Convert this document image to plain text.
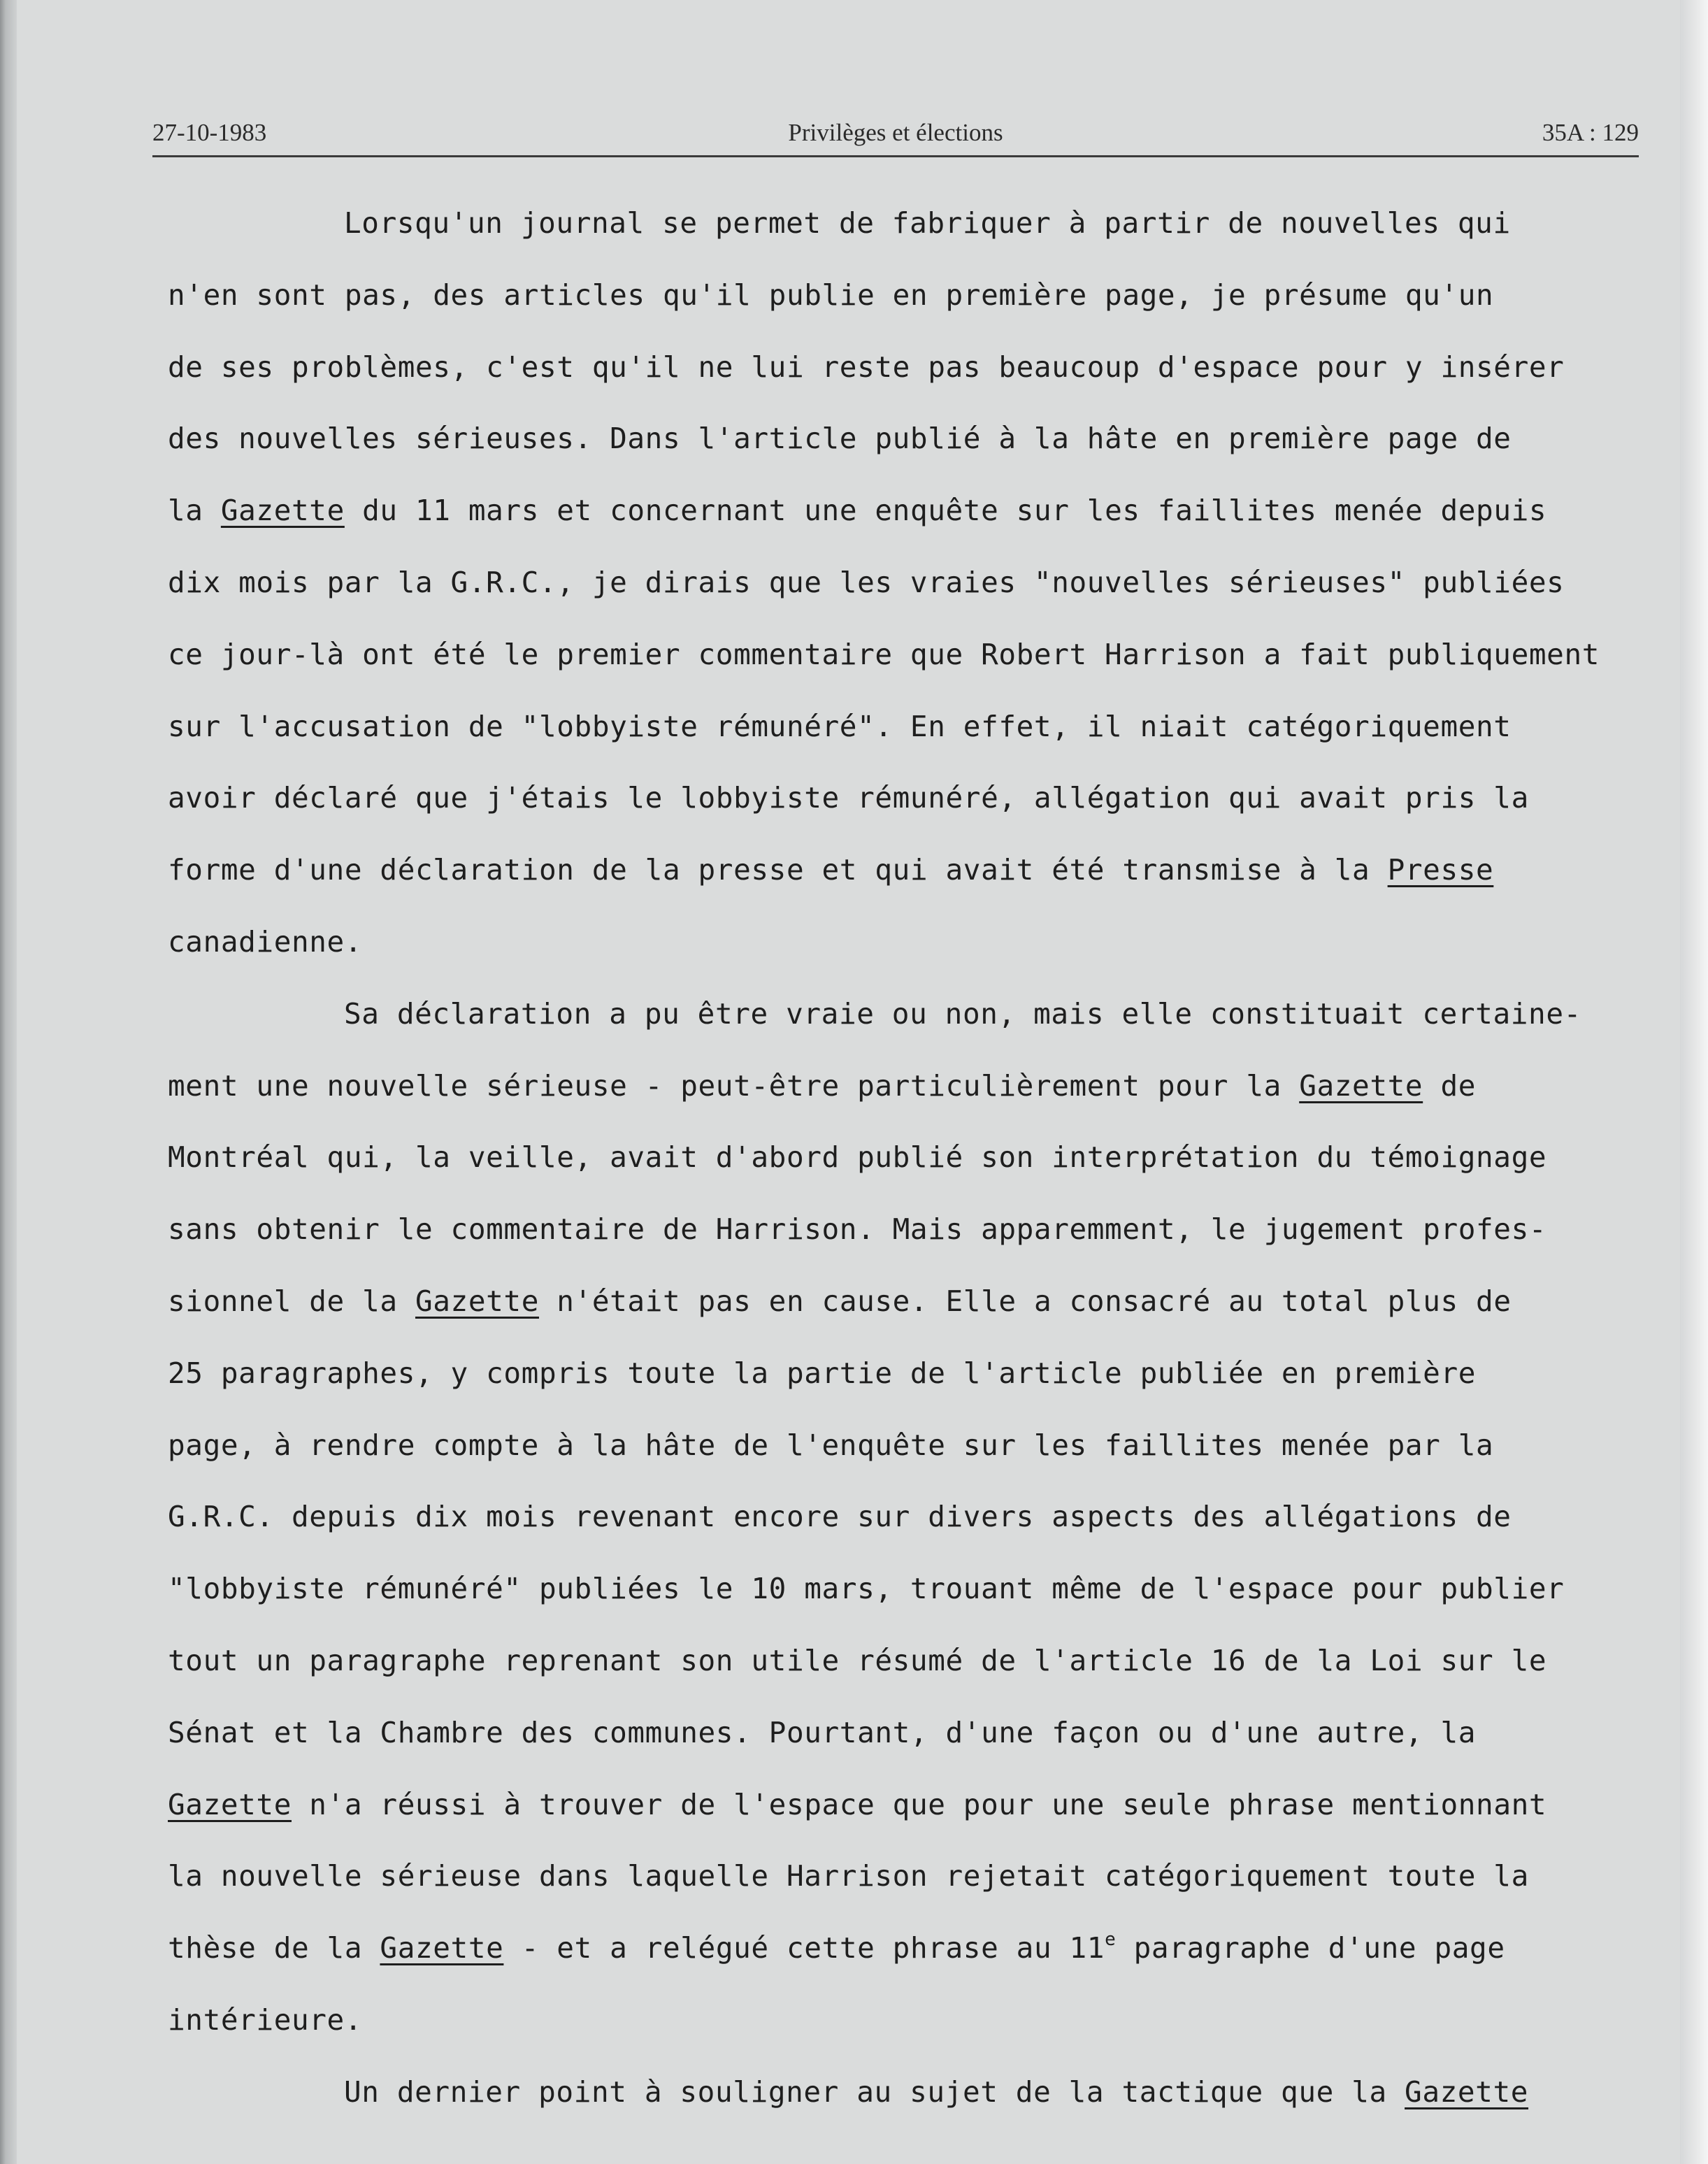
27-10-1983	Privilèges et élections	35A : 129
Lorsqu'un journal se permet de fabriquer à partir de nouvelles qui
n'en sont pas, des articles qu'il publie en première page, je présume qu'un
de ses problèmes, c'est qu'il ne lui reste pas beaucoup d'espace pour y insérer
des nouvelles sérieuses. Dans l'article publié à la hâte en première page de
la Gazette du 11 mars et concernant une enquête sur les faillites menée depuis
dix mois par la G.R.C., je dirais que les vraies "nouvelles sérieuses" publiées
ce jour-là ont été le premier commentaire que Robert Harrison a fait publiquement
sur l'accusation de "lobbyiste rémunéré". En effet, il niait catégoriquement
avoir déclaré que j'étais le lobbyiste rémunéré, allégation qui avait pris la
forme d'une déclaration de la presse et qui avait été transmise à la Presse
canadienne.
Sa déclaration a pu être vraie ou non, mais elle constituait certaine-
ment une nouvelle sérieuse - peut-être particulièrement pour la Gazette de
Montréal qui, la veille, avait d'abord publié son interprétation du témoignage
sans obtenir le commentaire de Harrison. Mais apparemment, le jugement profes-
sionnel de la Gazette n'était pas en cause. Elle a consacré au total plus de
25 paragraphes, y compris toute la partie de l'article publiée en première
page, à rendre compte à la hâte de l'enquête sur les faillites menée par la
G.R.C. depuis dix mois revenant encore sur divers aspects des allégations de
"lobbyiste rémunéré" publiées le 10 mars, trouant même de l'espace pour publier
tout un paragraphe reprenant son utile résumé de l'article 16 de la Loi sur le
Sénat et la Chambre des communes. Pourtant, d'une façon ou d'une autre, la
Gazette n'a réussi à trouver de l'espace que pour une seule phrase mentionnant
la nouvelle sérieuse dans laquelle Harrison rejetait catégoriquement toute la
thèse de la Gazette - et a relégué cette phrase au 11e paragraphe d'une page
intérieure.
Un dernier point à souligner au sujet de la tactique que la Gazette
